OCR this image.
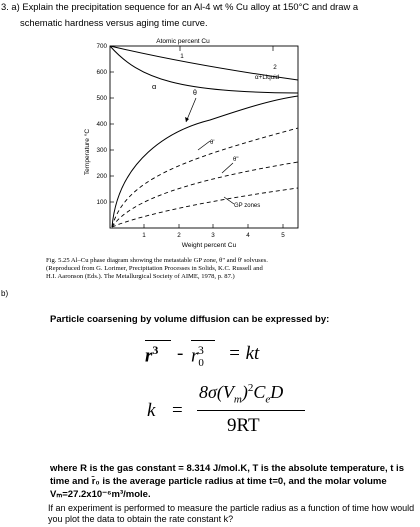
3. a) Explain the precipitation sequence for an Al-4 wt % Cu alloy at 150°C and draw a
schematic hardness versus aging time curve.
Atomic percent Cu
1
2
700
600
500
400
300
200
100
Temperature °C
1	2	3	4	5
Weight percent Cu
α
α+Liquid
θ
θ'
θ"
GP zones
Fig. 5.25 Al–Cu phase diagram showing the metastable GP zone, θ" and θ' solvuses.
(Reproduced from G. Lorimer, Precipitation Processes in Solids, K.C. Russell and
H.I. Aaronson (Eds.). The Metallurgical Society of AIME, 1978, p. 87.)
b)
Particle coarsening by volume diffusion can be expressed by:
$r^3 - r_0^3$	= kt
k =
$8\sigma(V_m)^2C_eD$
9RT
where R is the gas constant = 8.314 J/mol.K, T is the absolute temperature, t is
time and r̄₀ is the average particle radius at time t=0, and the molar volume
Vₘ=27.2x10⁻⁶m³/mole.
If an experiment is performed to measure the particle radius as a function of time how would
you plot the data to obtain the rate constant k?
